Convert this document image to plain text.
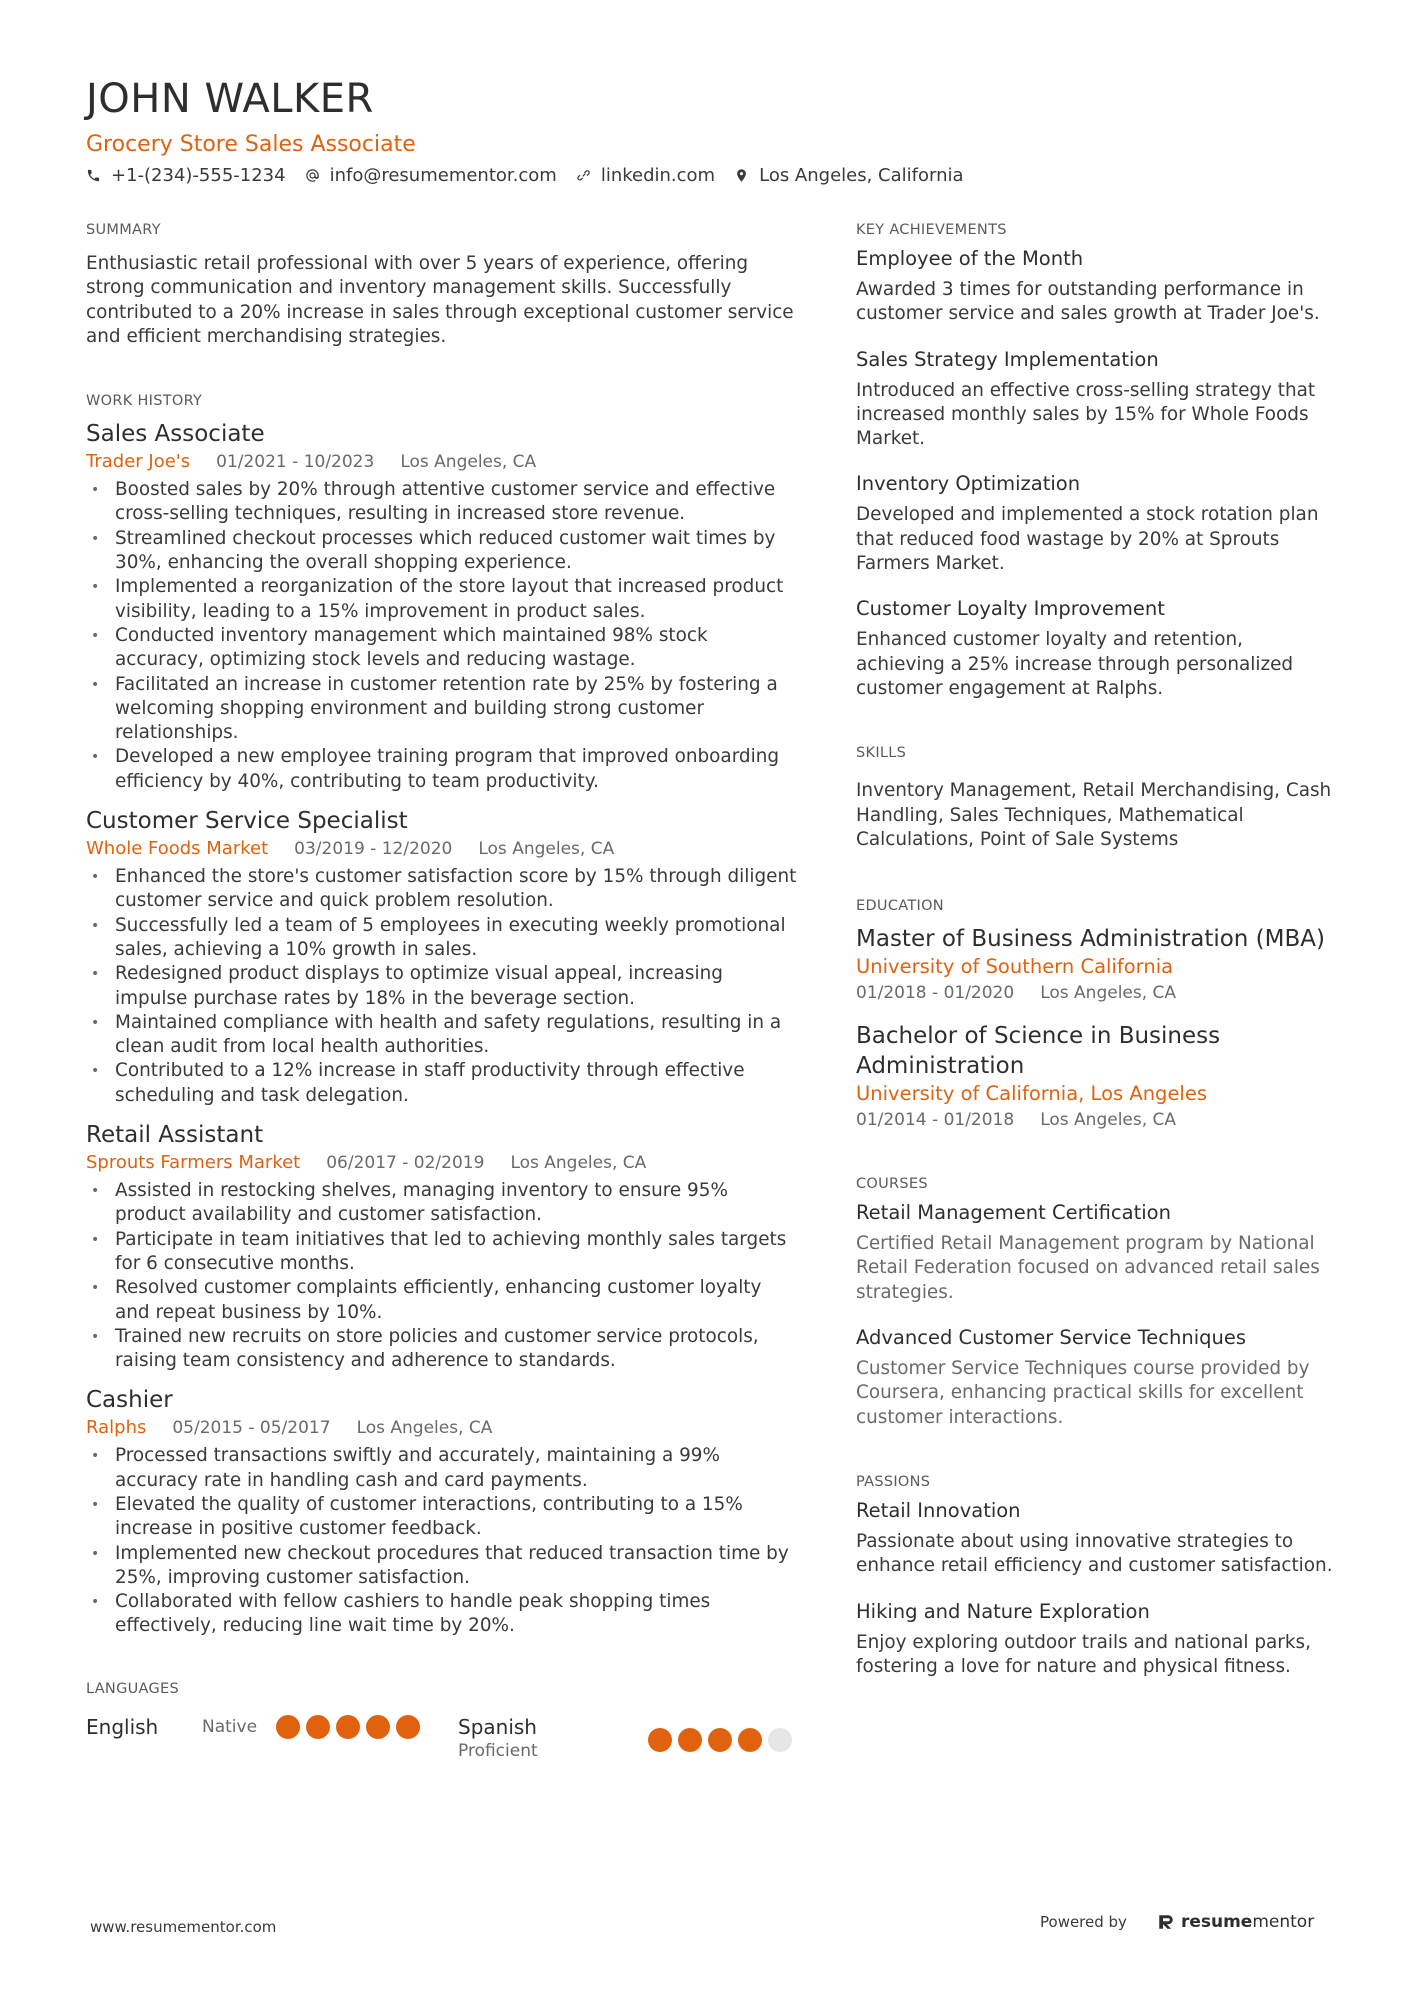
JOHN WALKER
Grocery Store Sales Associate
+1-(234)-555-1234 info@resumementor.com linkedin.com Los Angeles, California
SUMMARY
Enthusiastic retail professional with over 5 years of experience, offering strong communication and inventory management skills. Successfully contributed to a 20% increase in sales through exceptional customer service and efficient merchandising strategies.
WORK HISTORY
Sales Associate
Trader Joe's 01/2021 - 10/2023 Los Angeles, CA
• Boosted sales by 20% through attentive customer service and effective cross-selling techniques, resulting in increased store revenue.
• Streamlined checkout processes which reduced customer wait times by 30%, enhancing the overall shopping experience.
• Implemented a reorganization of the store layout that increased product visibility, leading to a 15% improvement in product sales.
• Conducted inventory management which maintained 98% stock accuracy, optimizing stock levels and reducing wastage.
• Facilitated an increase in customer retention rate by 25% by fostering a welcoming shopping environment and building strong customer relationships.
• Developed a new employee training program that improved onboarding efficiency by 40%, contributing to team productivity.
Customer Service Specialist
Whole Foods Market 03/2019 - 12/2020 Los Angeles, CA
• Enhanced the store's customer satisfaction score by 15% through diligent customer service and quick problem resolution.
• Successfully led a team of 5 employees in executing weekly promotional sales, achieving a 10% growth in sales.
• Redesigned product displays to optimize visual appeal, increasing impulse purchase rates by 18% in the beverage section.
• Maintained compliance with health and safety regulations, resulting in a clean audit from local health authorities.
• Contributed to a 12% increase in staff productivity through effective scheduling and task delegation.
Retail Assistant
Sprouts Farmers Market 06/2017 - 02/2019 Los Angeles, CA
• Assisted in restocking shelves, managing inventory to ensure 95% product availability and customer satisfaction.
• Participate in team initiatives that led to achieving monthly sales targets for 6 consecutive months.
• Resolved customer complaints efficiently, enhancing customer loyalty and repeat business by 10%.
• Trained new recruits on store policies and customer service protocols, raising team consistency and adherence to standards.
Cashier
Ralphs 05/2015 - 05/2017 Los Angeles, CA
• Processed transactions swiftly and accurately, maintaining a 99% accuracy rate in handling cash and card payments.
• Elevated the quality of customer interactions, contributing to a 15% increase in positive customer feedback.
• Implemented new checkout procedures that reduced transaction time by 25%, improving customer satisfaction.
• Collaborated with fellow cashiers to handle peak shopping times effectively, reducing line wait time by 20%.
LANGUAGES
English	Native	Spanish
Proficient
KEY ACHIEVEMENTS
Employee of the Month
Awarded 3 times for outstanding performance in customer service and sales growth at Trader Joe's.
Sales Strategy Implementation
Introduced an effective cross-selling strategy that increased monthly sales by 15% for Whole Foods Market.
Inventory Optimization
Developed and implemented a stock rotation plan that reduced food wastage by 20% at Sprouts Farmers Market.
Customer Loyalty Improvement
Enhanced customer loyalty and retention, achieving a 25% increase through personalized customer engagement at Ralphs.
SKILLS
Inventory Management, Retail Merchandising, Cash Handling, Sales Techniques, Mathematical Calculations, Point of Sale Systems
EDUCATION
Master of Business Administration (MBA)
University of Southern California
01/2018 - 01/2020 Los Angeles, CA
Bachelor of Science in Business Administration
University of California, Los Angeles
01/2014 - 01/2018 Los Angeles, CA
COURSES
Retail Management Certification
Certified Retail Management program by National Retail Federation focused on advanced retail sales strategies.
Advanced Customer Service Techniques
Customer Service Techniques course provided by Coursera, enhancing practical skills for excellent customer interactions.
PASSIONS
Retail Innovation
Passionate about using innovative strategies to enhance retail efficiency and customer satisfaction.
Hiking and Nature Exploration
Enjoy exploring outdoor trails and national parks, fostering a love for nature and physical fitness.
www.resumementor.com	Powered by	resume mentor
